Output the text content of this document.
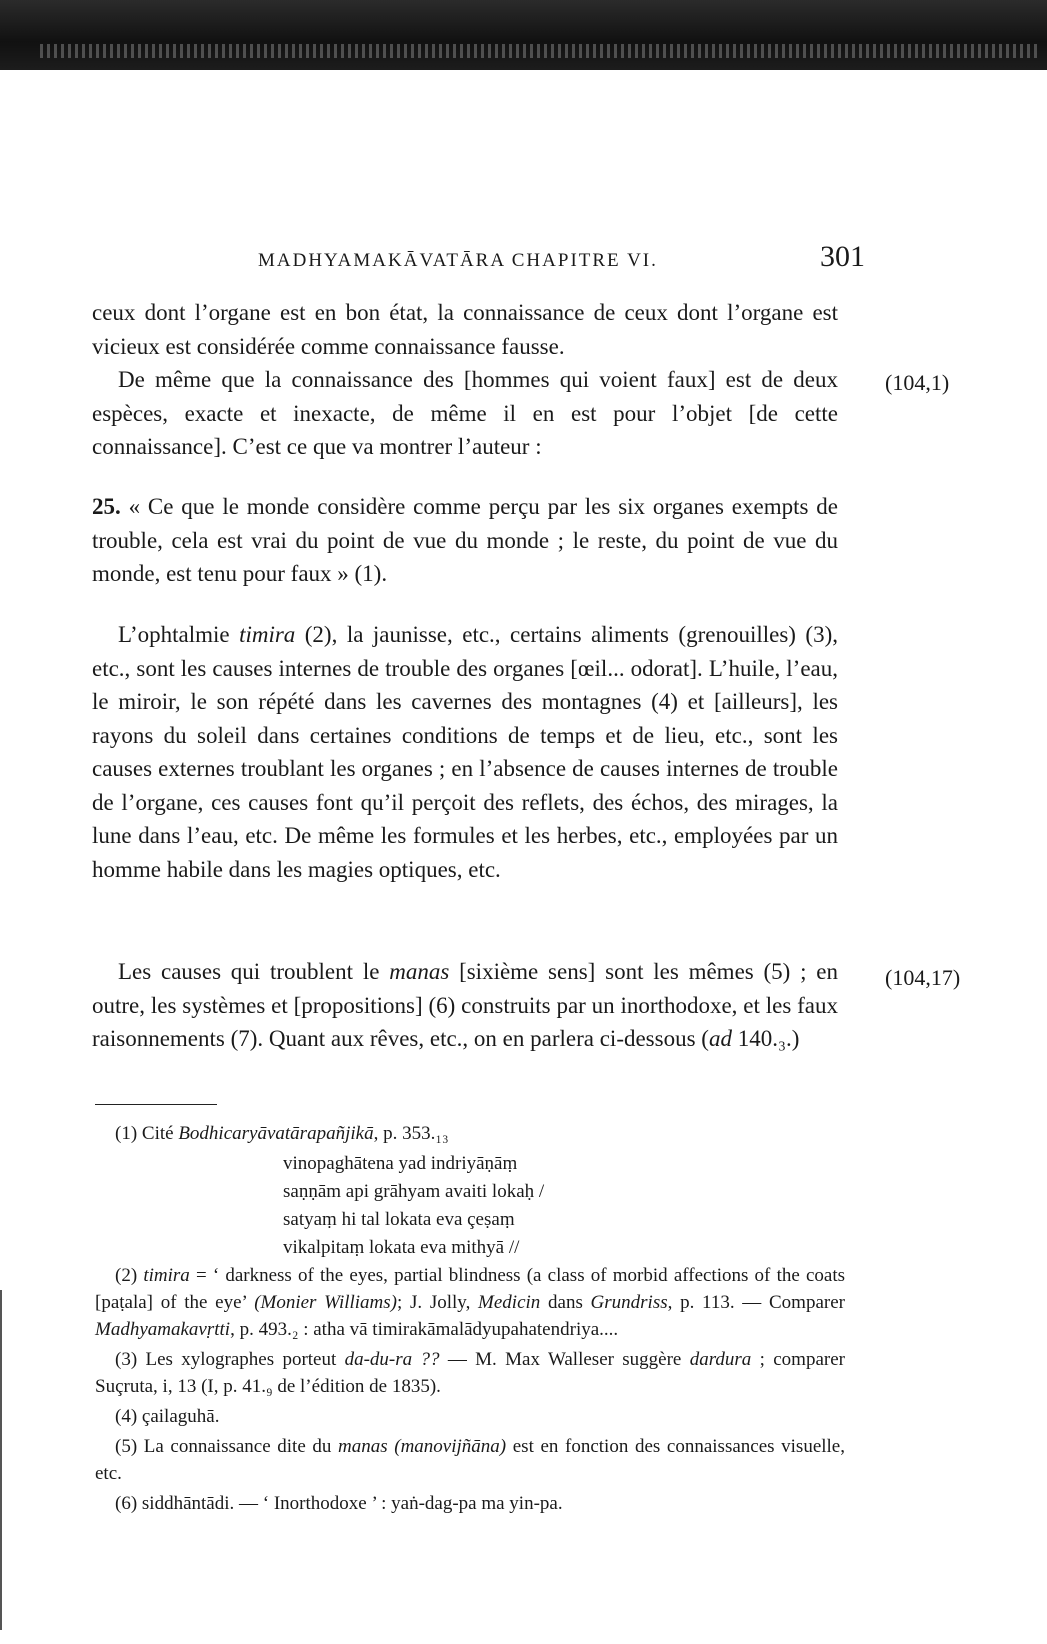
MADHYAMAKĀVATĀRA CHAPITRE VI.	301

ceux dont l’organe est en bon état, la connaissance de ceux dont l’organe est vicieux est considérée comme connaissance fausse.

De même que la connaissance des [hommes qui voient faux] est de deux espèces, exacte et inexacte, de même il en est pour l’objet [de cette connaissance]. C’est ce que va montrer l’auteur :

(104,1)

25. « Ce que le monde considère comme perçu par les six organes exempts de trouble, cela est vrai du point de vue du monde ; le reste, du point de vue du monde, est tenu pour faux » (1).

L’ophtalmie timira (2), la jaunisse, etc., certains aliments (grenouilles) (3), etc., sont les causes internes de trouble des organes [œil... odorat]. L’huile, l’eau, le miroir, le son répété dans les cavernes des montagnes (4) et [ailleurs], les rayons du soleil dans certaines conditions de temps et de lieu, etc., sont les causes externes troublant les organes ; en l’absence de causes internes de trouble de l’organe, ces causes font qu’il perçoit des reflets, des échos, des mirages, la lune dans l’eau, etc. De même les formules et les herbes, etc., employées par un homme habile dans les magies optiques, etc.

Les causes qui troublent le manas [sixième sens] sont les mêmes (5) ; en outre, les systèmes et [propositions] (6) construits par un inorthodoxe, et les faux raisonnements (7). Quant aux rêves, etc., on en parlera ci-dessous (ad 140.₃.)

(104,17)
(1) Cité Bodhicaryāvatārapañjikā, p. 353.₁₃
vinopaghātena yad indriyāṇāṃ
saṇṇām api grāhyam avaiti lokaḥ /
satyaṃ hi tal lokata eva çeṣaṃ
vikalpitaṃ lokata eva mithyā //
(2) timira = ‘ darkness of the eyes, partial blindness (a class of morbid affections of the coats [paṭala] of the eye’ (Monier Williams); J. Jolly, Medicin dans Grundriss, p. 113. — Comparer Madhyamakavṛtti, p. 493.₂ : atha vā timirakāmalādyupahatendriya....
(3) Les xylographes porteut da-du-ra ?? — M. Max Walleser suggère dardura ; comparer Suçruta, i, 13 (I, p. 41.₉ de l’édition de 1835).
(4) çailaguhā.
(5) La connaissance dite du manas (manovijñāna) est en fonction des connaissances visuelle, etc.
(6) siddhāntādi. — ‘ Inorthodoxe ’ : yaṅ-dag-pa ma yin-pa.
